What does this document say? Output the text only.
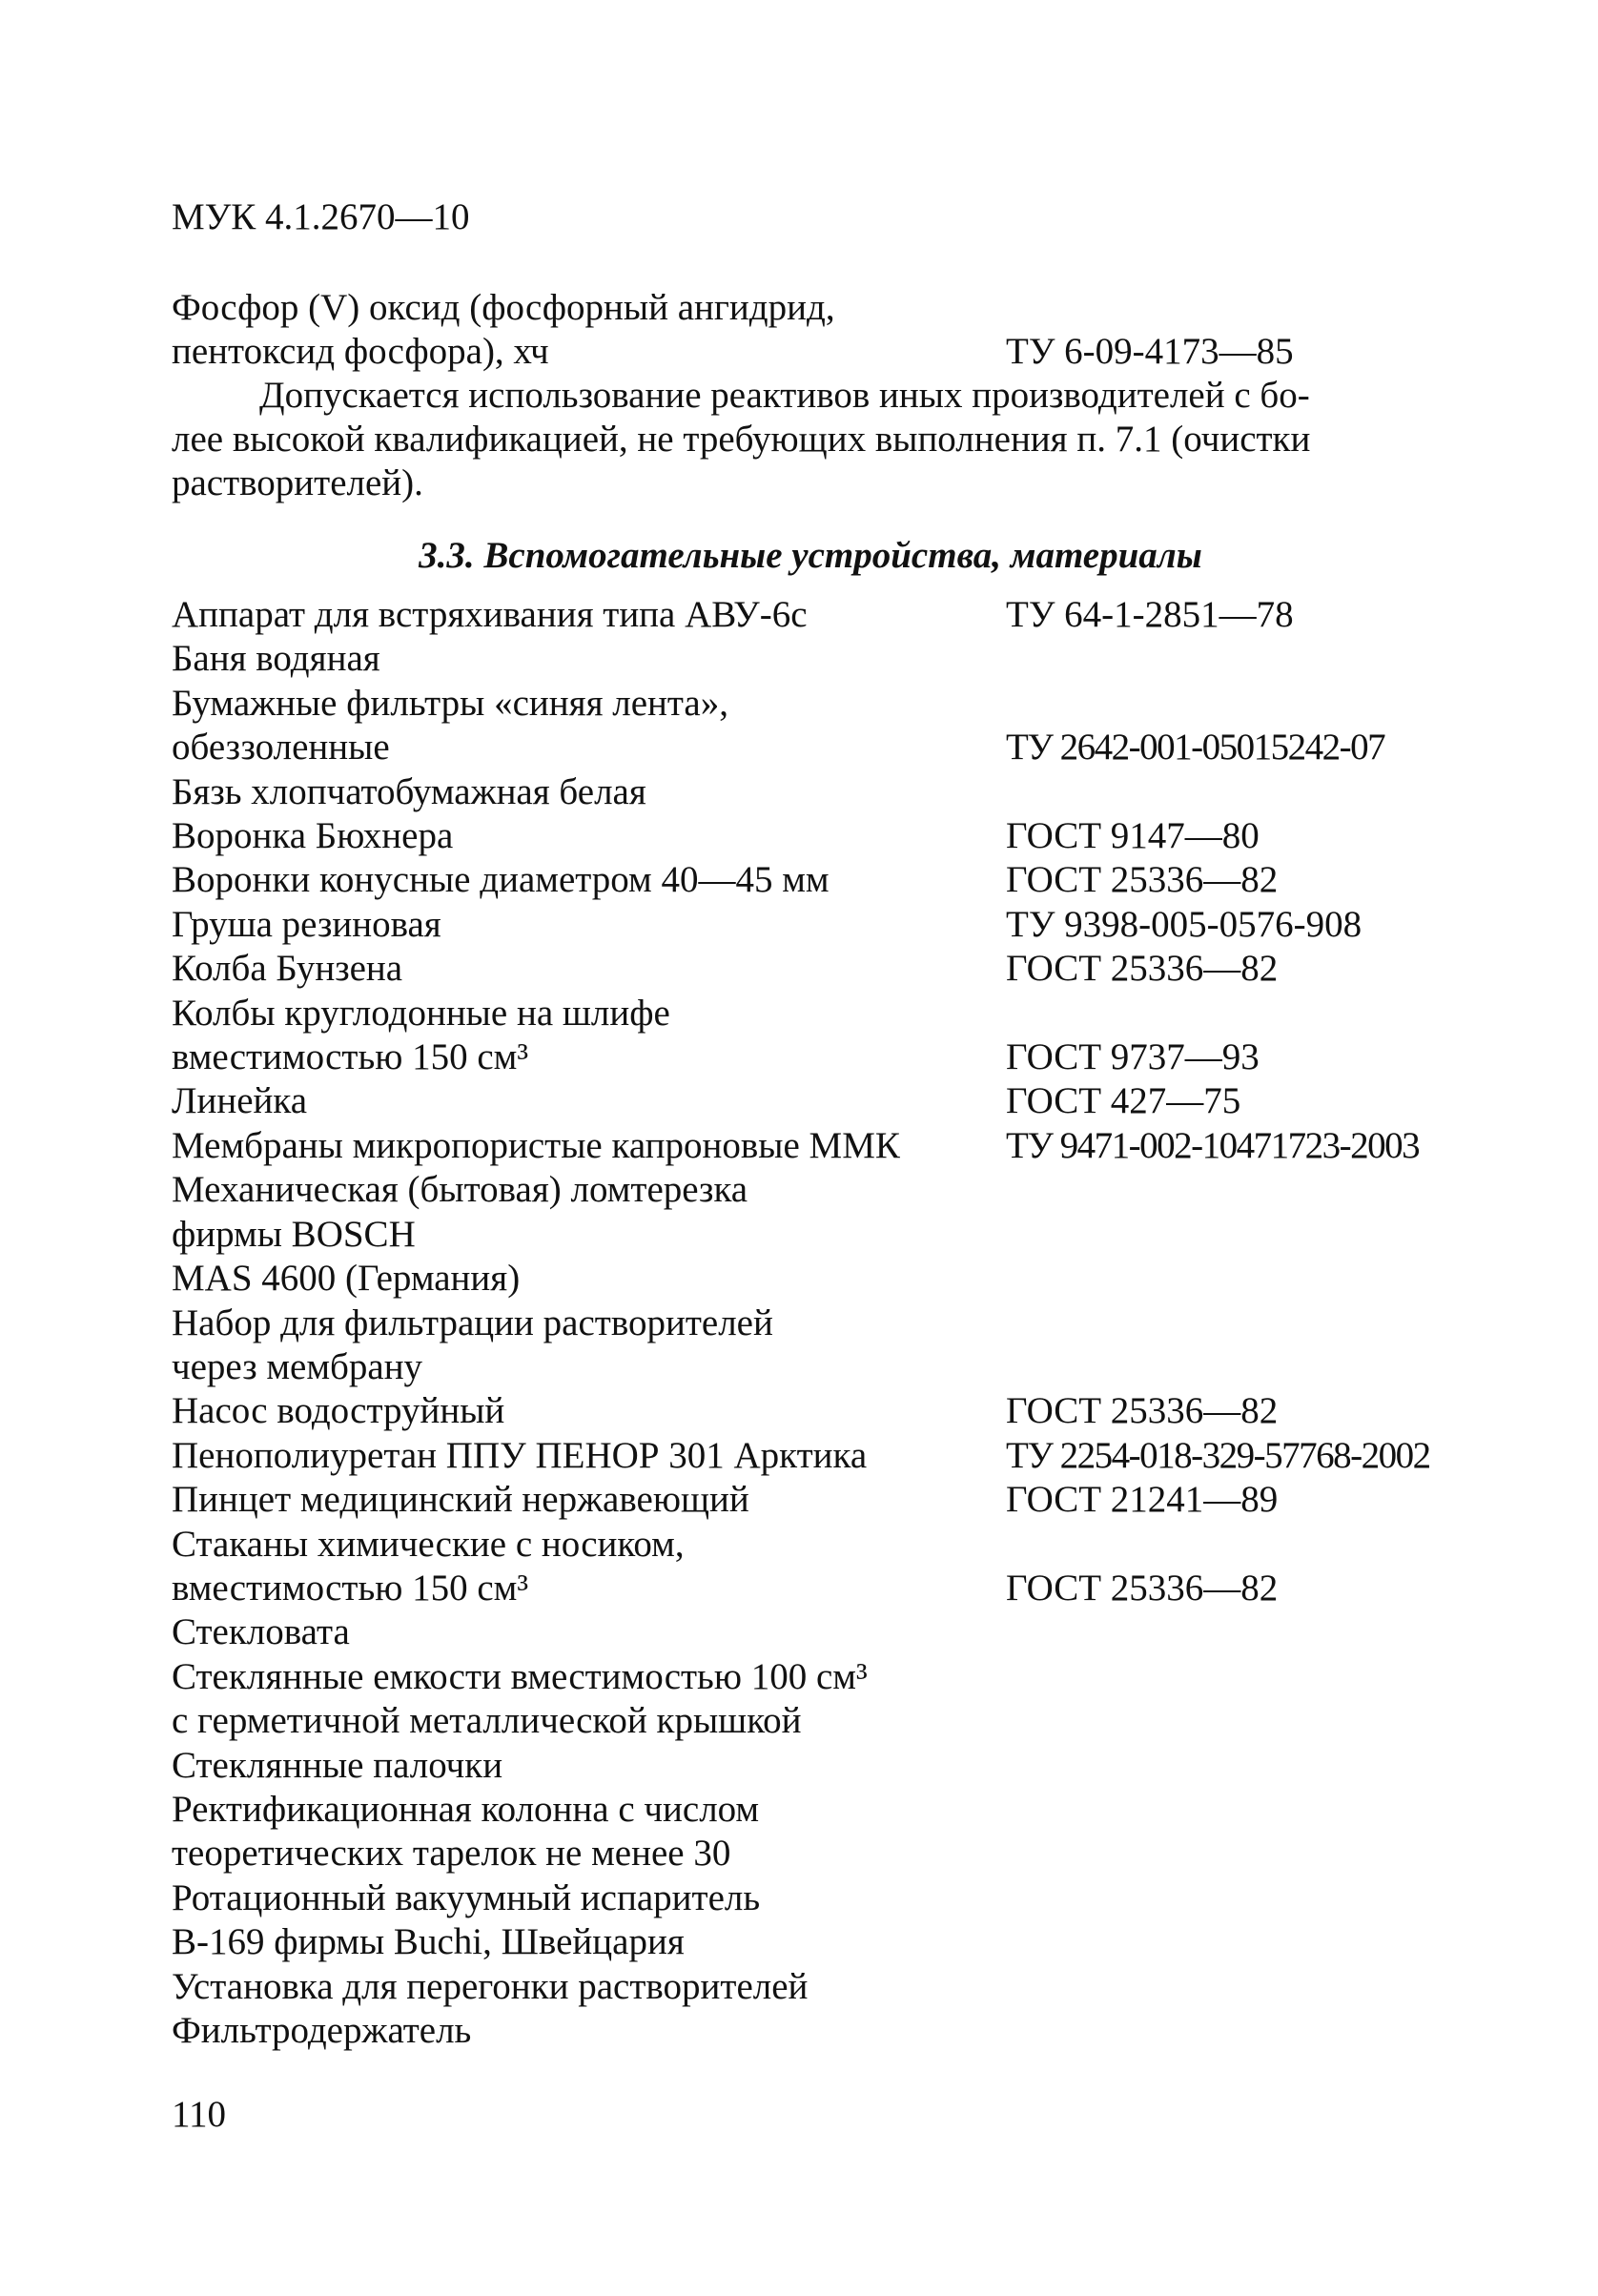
МУК 4.1.2670—10
Фосфор (V) оксид (фосфорный ангидрид,
пентоксид фосфора), хч	ТУ 6-09-4173—85

Допускается использование реактивов иных производителей с бо-

лее высокой квалификацией, не требующих выполнения п. 7.1 (очистки

растворителей).

3.3. Вспомогательные устройства, материалы
Аппарат для встряхивания типа АВУ-6с	ТУ 64-1-2851—78
Баня водяная
Бумажные фильтры «синяя лента»,
обеззоленные	ТУ 2642-001-05015242-07
Бязь хлопчатобумажная белая
Воронка Бюхнера	ГОСТ 9147—80
Воронки конусные диаметром 40—45 мм	ГОСТ 25336—82
Груша резиновая	ТУ 9398-005-0576-908
Колба Бунзена	ГОСТ 25336—82
Колбы круглодонные на шлифе
вместимостью 150 см³	ГОСТ 9737—93
Линейка	ГОСТ 427—75
Мембраны микропористые капроновые ММК	ТУ 9471-002-10471723-2003
Механическая (бытовая) ломтерезка
фирмы BOSCH
MAS 4600 (Германия)
Набор для фильтрации растворителей
через мембрану
Насос водоструйный	ГОСТ 25336—82
Пенополиуретан ППУ ПЕНОР 301 Арктика	ТУ 2254-018-329-57768-2002
Пинцет медицинский нержавеющий	ГОСТ 21241—89
Стаканы химические с носиком,
вместимостью 150 см³	ГОСТ 25336—82
Стекловата
Стеклянные емкости вместимостью 100 см³
с герметичной металлической крышкой
Стеклянные палочки
Ректификационная колонна с числом
теоретических тарелок не менее 30
Ротационный вакуумный испаритель
В-169 фирмы Buchi, Швейцария
Установка для перегонки растворителей
Фильтродержатель
110
